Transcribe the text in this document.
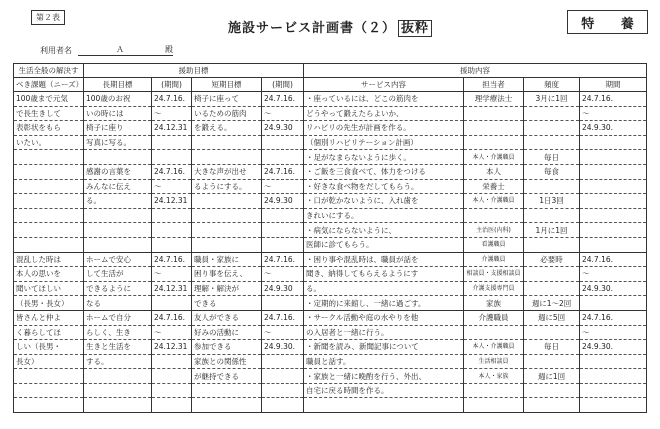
第２表
施設サービス計画書（２） 抜粋	特 養
利用者名	Ａ	殿

生活全般の解決す	援助目標				援助内容			
べき課題（ニーズ）	長期目標	(期間)	短期目標	(期間)	サービス内容	担当者	頻度	期間
100歳まで元気	100歳のお祝	24.7.16.	椅子に座って	24.7.16.	・座っているには、どこの筋肉を	理学療法士	3月に1回	24.7.16.
で長生きして	いの時には	～	いるための筋肉	～	どうやって鍛えたらよいか、			～
表彰状をもら	椅子に座り	24.12.31	を鍛える。	24.9.30	リハビリの先生が計画を作る。			24.9.30.
いたい。	写真に写る。				（個別リハビリテーション計画）			
					・足がなまらないように歩く。	本人・介護職員	毎日	
	感謝の言葉を	24.7.16.	大きな声が出せ	24.7.16.	・ご飯を三食食べて、体力をつける	本人	毎食	
	みんなに伝え	～	るようにする。	～	・好きな食べ物をだしてもらう。	栄養士		
	る。	24.12.31		24.9.30	・口が乾かないように、入れ歯を	本人・介護職員	1日3回	
					きれいにする。			
					・病気にならないように、	主治医(内科)	1月に1回	
					医師に診てもらう。	看護職員		
混乱した時は	ホームで安心	24.7.16.	職員・家族に	24.7.16.	・困り事や混乱時は、職員が話を	介護職員	必要時	24.7.16.
本人の思いを	して生活が	～	困り事を伝え、	～	聞き、納得してもらえるようにす	相談員・支援相談員		～
聞いてほしい	できるように	24.12.31	理解・解決が	24.9.30	る。	介護支援専門員		24.9.30.
（長男・長女）	なる		できる		・定期的に来館し、一緒に過ごす。	家族	週に1～2回	
皆さんと仲よ	ホームで自分	24.7.16.	友人ができる	24.7.16.	・サークル活動や庭の水やりを他	介護職員	週に5回	24.7.16.
く暮らしてほ	らしく、生き	～	好みの活動に	～	の入居者と一緒に行う。			～
しい（長男・	生きと生活を	24.12.31	参加できる	24.9.30.	・新聞を読み、新聞記事について	本人・介護職員	毎日	24.9.30.
長女）	する。		家族との関係性		職員と話す。	生活相談員		
			が継持できる		・家族と一緒に晩酌を行う、外出、	本人・家族	週に1回	
					自宅に戻る時間を作る。			
